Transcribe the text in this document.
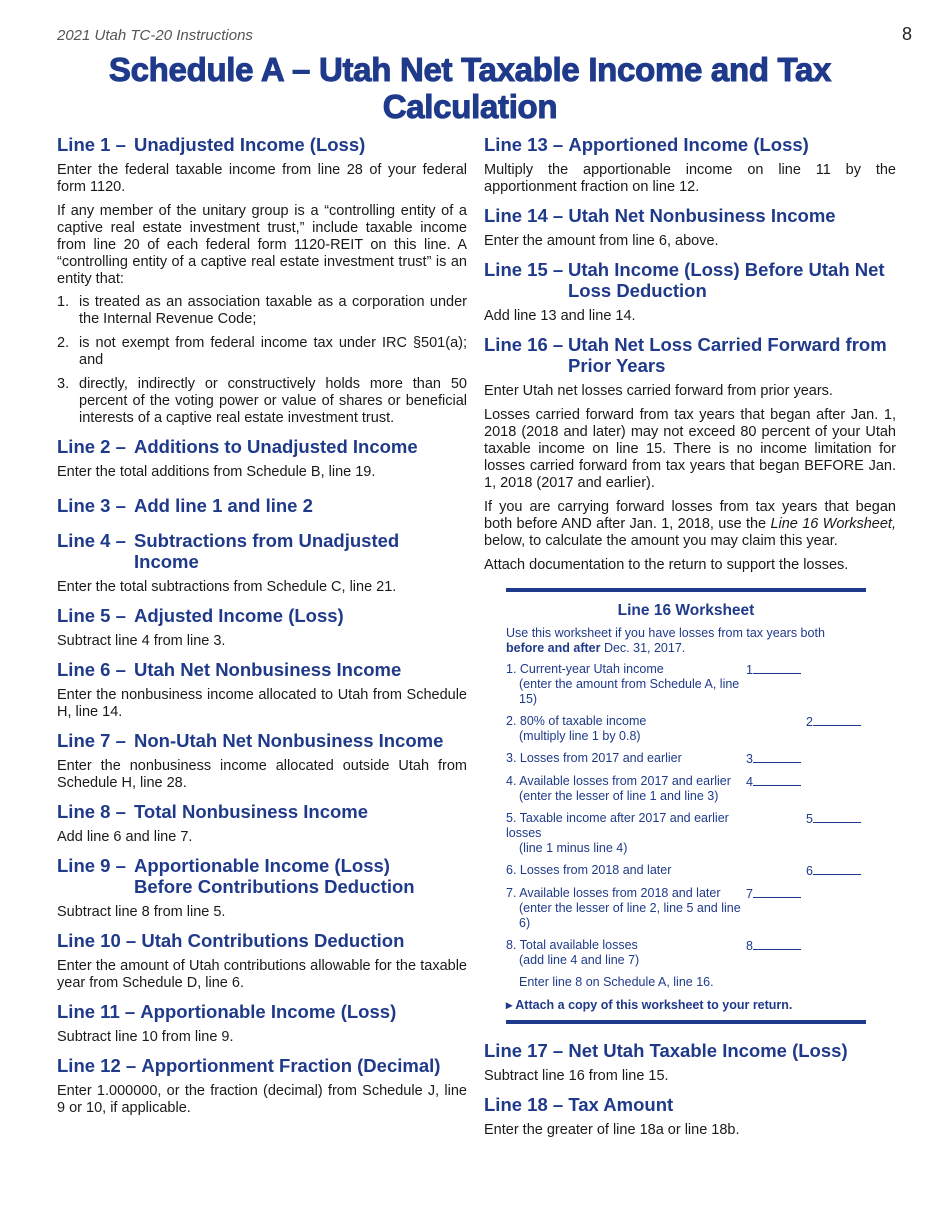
2021 Utah TC-20 Instructions	8
Schedule A – Utah Net Taxable Income and Tax
Calculation
Line 1 – Unadjusted Income (Loss)

Enter the federal taxable income from line 28 of your federal form 1120.

If any member of the unitary group is a “controlling entity of a captive real estate investment trust,” include taxable income from line 20 of each federal form 1120-REIT on this line. A “controlling entity of a captive real estate investment trust” is an entity that:

1. is treated as an association taxable as a corporation under the Internal Revenue Code;
2. is not exempt from federal income tax under IRC §501(a); and
3. directly, indirectly or constructively holds more than 50 percent of the voting power or value of shares or beneficial interests of a captive real estate investment trust.
Line 2 – Additions to Unadjusted Income

Enter the total additions from Schedule B, line 19.

Line 3 – Add line 1 and line 2
Line 4 – Subtractions from Unadjusted Income

Enter the total subtractions from Schedule C, line 21.

Line 5 – Adjusted Income (Loss)

Subtract line 4 from line 3.

Line 6 – Utah Net Nonbusiness Income

Enter the nonbusiness income allocated to Utah from Schedule H, line 14.

Line 7 – Non-Utah Net Nonbusiness Income

Enter the nonbusiness income allocated outside Utah from Schedule H, line 28.

Line 8 – Total Nonbusiness Income

Add line 6 and line 7.

Line 9 – Apportionable Income (Loss)
Before Contributions Deduction

Subtract line 8 from line 5.

Line 10 –
Utah Contributions Deduction

Enter the amount of Utah contributions allowable for the taxable year from Schedule D, line 6.

Line 11 –
Apportionable Income (Loss)

Subtract line 10 from line 9.

Line 12 –
Apportionment Fraction (Decimal)

Enter 1.000000, or the fraction (decimal) from Schedule J, line 9 or 10, if applicable.

Line 13 –
Apportioned Income (Loss)

Multiply the apportionable income on line 11 by the apportionment fraction on line 12.

Line 14 –
Utah Net Nonbusiness Income

Enter the amount from line 6, above.

Line 15 – Utah Income (Loss) Before Utah Net
Loss Deduction

Add line 13 and line 14.

Line 16 – Utah Net Loss Carried Forward from
Prior Years

Enter Utah net losses carried forward from prior years.

Losses carried forward from tax years that began after Jan. 1, 2018 (2018 and later) may not exceed 80 percent of your Utah taxable income on line 15. There is no income limitation for losses carried forward from tax years that began BEFORE Jan. 1, 2018 (2017 and earlier).

If you are carrying forward losses from tax years that began both before AND after Jan. 1, 2018, use the Line 16 Worksheet, below, to calculate the amount you may claim this year.

Attach documentation to the return to support the losses.

Line 16 Worksheet
Use this worksheet if you have losses from tax years both before and after Dec. 31, 2017.
1. Current-year Utah income
(enter the amount from Schedule A, line 15)
1
2. 80% of taxable income
(multiply line 1 by 0.8)
2
3. Losses from 2017 and earlier	3
4. Available losses from 2017 and earlier
(enter the lesser of line 1 and line 3)
4
5. Taxable income after 2017 and earlier losses
(line 1 minus line 4)
5
6. Losses from 2018 and later	6
7. Available losses from 2018 and later
(enter the lesser of line 2, line 5 and line 6)
7
8. Total available losses
(add line 4 and line 7)
8
Enter line 8 on Schedule A, line 16.
▸ Attach a copy of this worksheet to your return.
Line 17 –
Net Utah Taxable Income (Loss)

Subtract line 16 from line 15.

Line 18 –
Tax Amount

Enter the greater of line 18a or line 18b.
